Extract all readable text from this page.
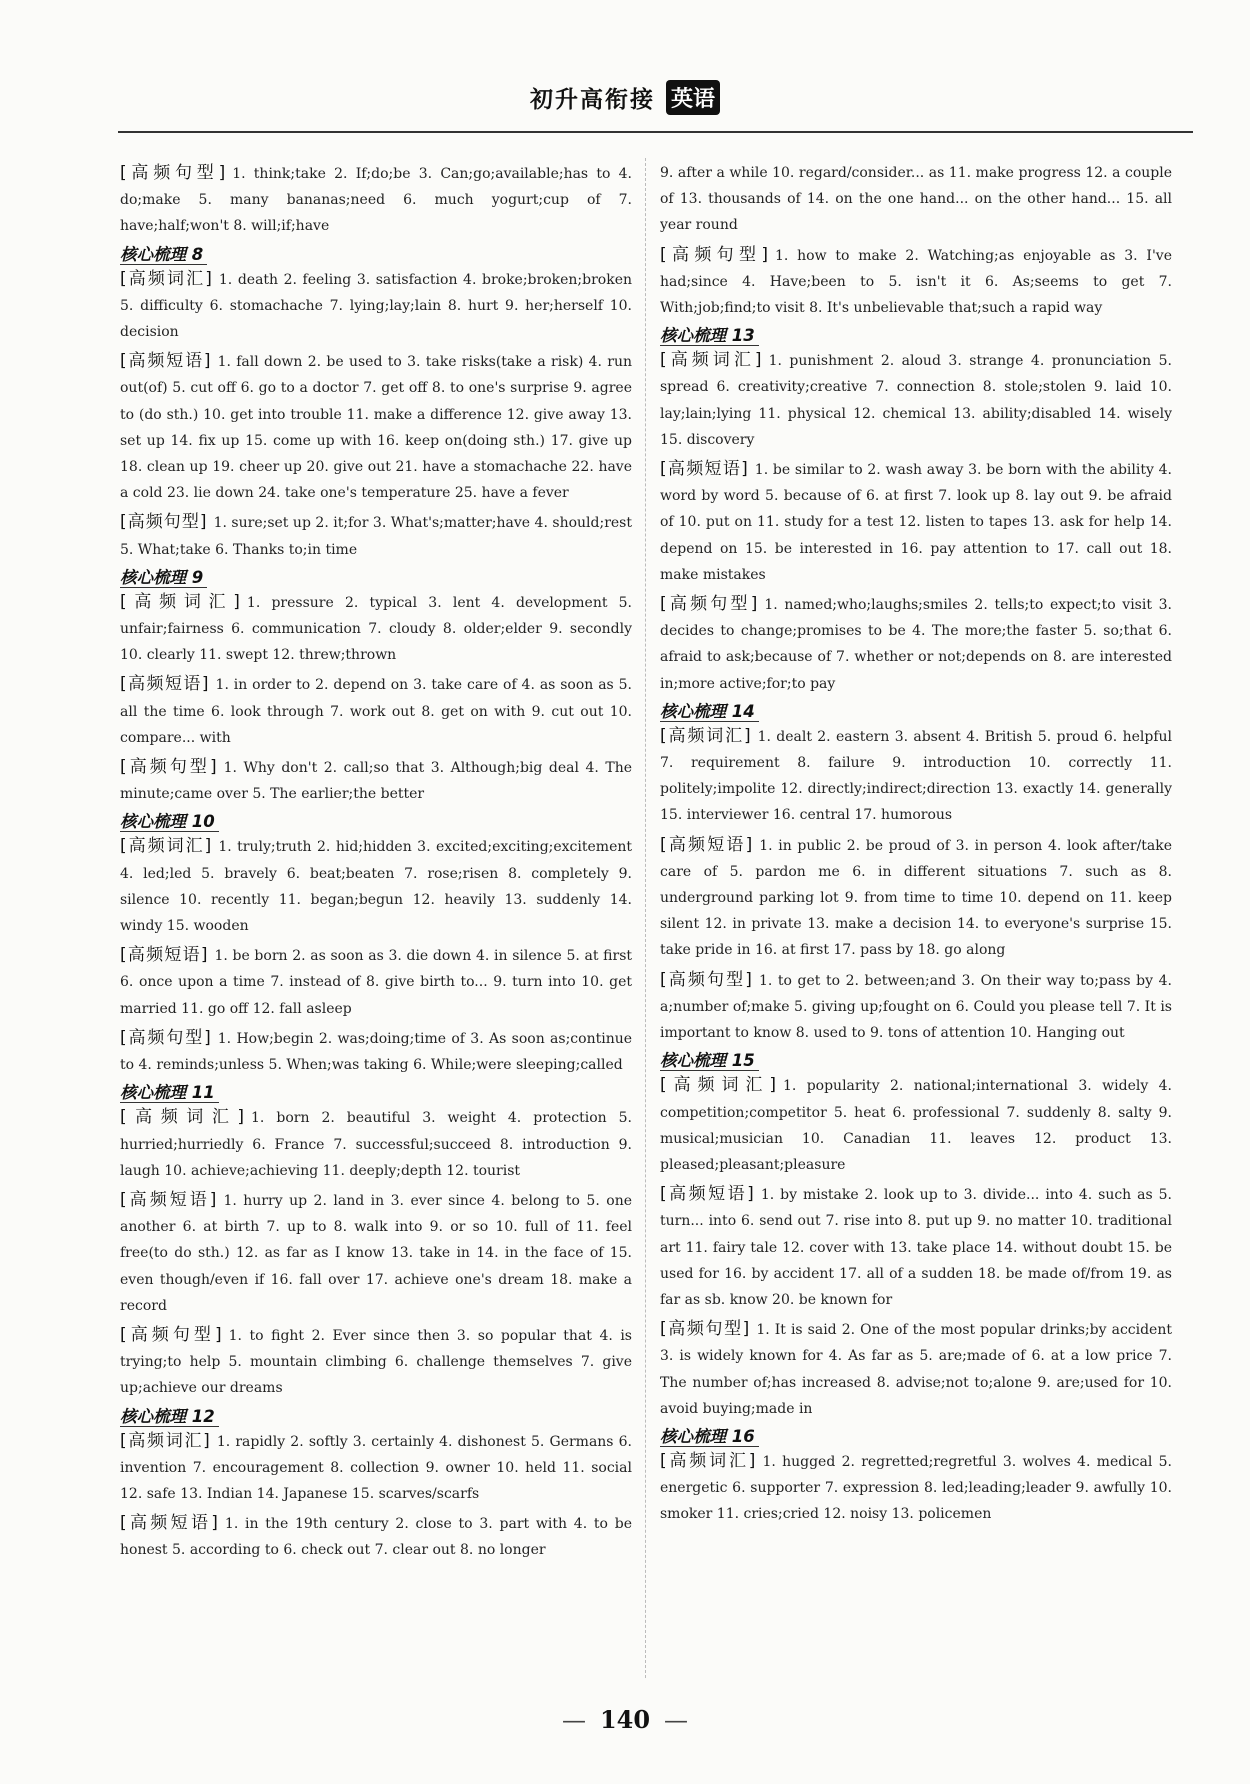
初升高衔接 英语

[高频句型] 1. think;take 2. If;do;be 3. Can;go;available;has to 4. do;make 5. many bananas;need 6. much yogurt;cup of 7. have;half;won't 8. will;if;have

核心梳理 8

[高频词汇] 1. death 2. feeling 3. satisfaction 4. broke;broken;broken 5. difficulty 6. stomachache 7. lying;lay;lain 8. hurt 9. her;herself 10. decision

[高频短语] 1. fall down 2. be used to 3. take risks(take a risk) 4. run out(of) 5. cut off 6. go to a doctor 7. get off 8. to one's surprise 9. agree to (do sth.) 10. get into trouble 11. make a difference 12. give away 13. set up 14. fix up 15. come up with 16. keep on(doing sth.) 17. give up 18. clean up 19. cheer up 20. give out 21. have a stomachache 22. have a cold 23. lie down 24. take one's temperature 25. have a fever

[高频句型] 1. sure;set up 2. it;for 3. What's;matter;have 4. should;rest 5. What;take 6. Thanks to;in time

核心梳理 9

[高频词汇] 1. pressure 2. typical 3. lent 4. development 5. unfair;fairness 6. communication 7. cloudy 8. older;elder 9. secondly 10. clearly 11. swept 12. threw;thrown

[高频短语] 1. in order to 2. depend on 3. take care of 4. as soon as 5. all the time 6. look through 7. work out 8. get on with 9. cut out 10. compare... with

[高频句型] 1. Why don't 2. call;so that 3. Although;big deal 4. The minute;came over 5. The earlier;the better

核心梳理 10

[高频词汇] 1. truly;truth 2. hid;hidden 3. excited;exciting;excitement 4. led;led 5. bravely 6. beat;beaten 7. rose;risen 8. completely 9. silence 10. recently 11. began;begun 12. heavily 13. suddenly 14. windy 15. wooden

[高频短语] 1. be born 2. as soon as 3. die down 4. in silence 5. at first 6. once upon a time 7. instead of 8. give birth to... 9. turn into 10. get married 11. go off 12. fall asleep

[高频句型] 1. How;begin 2. was;doing;time of 3. As soon as;continue to 4. reminds;unless 5. When;was taking 6. While;were sleeping;called

核心梳理 11

[高频词汇] 1. born 2. beautiful 3. weight 4. protection 5. hurried;hurriedly 6. France 7. successful;succeed 8. introduction 9. laugh 10. achieve;achieving 11. deeply;depth 12. tourist

[高频短语] 1. hurry up 2. land in 3. ever since 4. belong to 5. one another 6. at birth 7. up to 8. walk into 9. or so 10. full of 11. feel free(to do sth.) 12. as far as I know 13. take in 14. in the face of 15. even though/even if 16. fall over 17. achieve one's dream 18. make a record

[高频句型] 1. to fight 2. Ever since then 3. so popular that 4. is trying;to help 5. mountain climbing 6. challenge themselves 7. give up;achieve our dreams

核心梳理 12

[高频词汇] 1. rapidly 2. softly 3. certainly 4. dishonest 5. Germans 6. invention 7. encouragement 8. collection 9. owner 10. held 11. social 12. safe 13. Indian 14. Japanese 15. scarves/scarfs

[高频短语] 1. in the 19th century 2. close to 3. part with 4. to be honest 5. according to 6. check out 7. clear out 8. no longer

9. after a while 10. regard/consider... as 11. make progress 12. a couple of 13. thousands of 14. on the one hand... on the other hand... 15. all year round

[高频句型] 1. how to make 2. Watching;as enjoyable as 3. I've had;since 4. Have;been to 5. isn't it 6. As;seems to get 7. With;job;find;to visit 8. It's unbelievable that;such a rapid way

核心梳理 13

[高频词汇] 1. punishment 2. aloud 3. strange 4. pronunciation 5. spread 6. creativity;creative 7. connection 8. stole;stolen 9. laid 10. lay;lain;lying 11. physical 12. chemical 13. ability;disabled 14. wisely 15. discovery

[高频短语] 1. be similar to 2. wash away 3. be born with the ability 4. word by word 5. because of 6. at first 7. look up 8. lay out 9. be afraid of 10. put on 11. study for a test 12. listen to tapes 13. ask for help 14. depend on 15. be interested in 16. pay attention to 17. call out 18. make mistakes

[高频句型] 1. named;who;laughs;smiles 2. tells;to expect;to visit 3. decides to change;promises to be 4. The more;the faster 5. so;that 6. afraid to ask;because of 7. whether or not;depends on 8. are interested in;more active;for;to pay

核心梳理 14

[高频词汇] 1. dealt 2. eastern 3. absent 4. British 5. proud 6. helpful 7. requirement 8. failure 9. introduction 10. correctly 11. politely;impolite 12. directly;indirect;direction 13. exactly 14. generally 15. interviewer 16. central 17. humorous

[高频短语] 1. in public 2. be proud of 3. in person 4. look after/take care of 5. pardon me 6. in different situations 7. such as 8. underground parking lot 9. from time to time 10. depend on 11. keep silent 12. in private 13. make a decision 14. to everyone's surprise 15. take pride in 16. at first 17. pass by 18. go along

[高频句型] 1. to get to 2. between;and 3. On their way to;pass by 4. a;number of;make 5. giving up;fought on 6. Could you please tell 7. It is important to know 8. used to 9. tons of attention 10. Hanging out

核心梳理 15

[高频词汇] 1. popularity 2. national;international 3. widely 4. competition;competitor 5. heat 6. professional 7. suddenly 8. salty 9. musical;musician 10. Canadian 11. leaves 12. product 13. pleased;pleasant;pleasure

[高频短语] 1. by mistake 2. look up to 3. divide... into 4. such as 5. turn... into 6. send out 7. rise into 8. put up 9. no matter 10. traditional art 11. fairy tale 12. cover with 13. take place 14. without doubt 15. be used for 16. by accident 17. all of a sudden 18. be made of/from 19. as far as sb. know 20. be known for

[高频句型] 1. It is said 2. One of the most popular drinks;by accident 3. is widely known for 4. As far as 5. are;made of 6. at a low price 7. The number of;has increased 8. advise;not to;alone 9. are;used for 10. avoid buying;made in

核心梳理 16

[高频词汇] 1. hugged 2. regretted;regretful 3. wolves 4. medical 5. energetic 6. supporter 7. expression 8. led;leading;leader 9. awfully 10. smoker 11. cries;cried 12. noisy 13. policemen

— 140 —
